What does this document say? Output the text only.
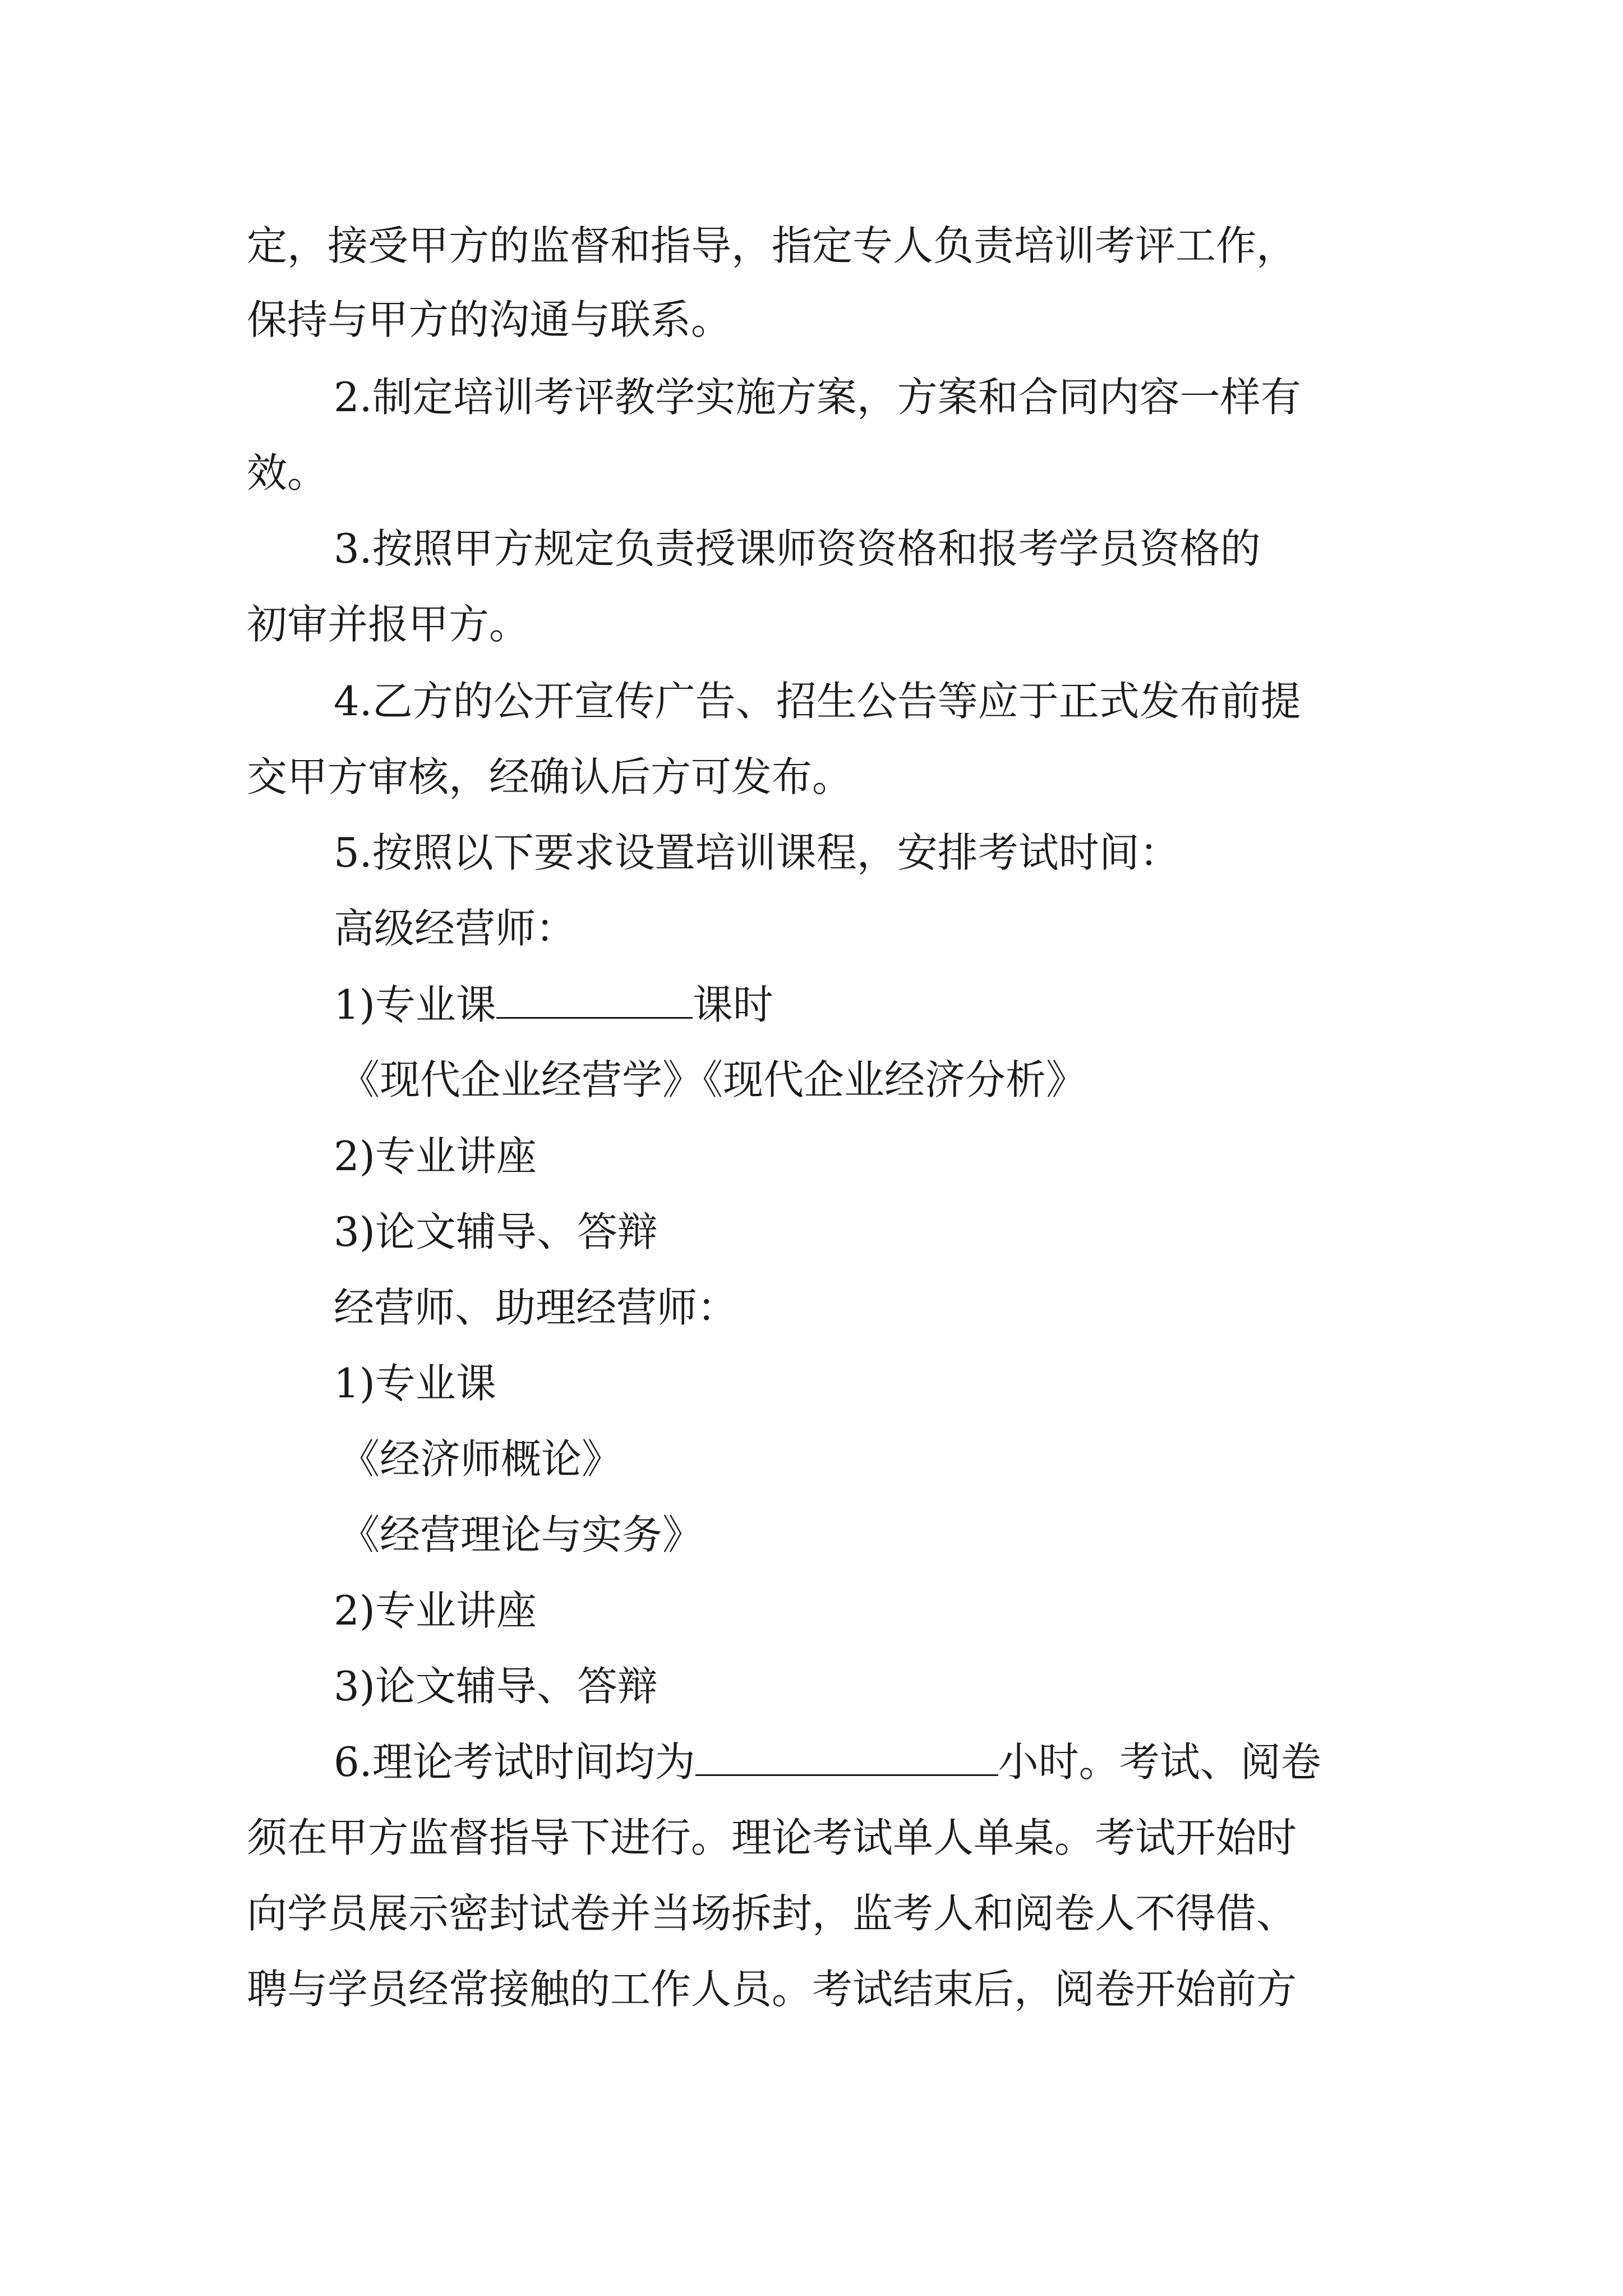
定，接受甲方的监督和指导，指定专人负责培训考评工作，
保持与甲方的沟通与联系。
2.制定培训考评教学实施方案，方案和合同内容一样有
效。
3.按照甲方规定负责授课师资资格和报考学员资格的
初审并报甲方。
4.乙方的公开宣传广告、招生公告等应于正式发布前提
交甲方审核，经确认后方可发布。
5.按照以下要求设置培训课程，安排考试时间：
高级经营师：
1)专业课	课时
《现代企业经营学》《现代企业经济分析》
2)专业讲座
3)论文辅导、答辩
经营师、助理经营师：
1)专业课
《经济师概论》
《经营理论与实务》
2)专业讲座
3)论文辅导、答辩
6.理论考试时间均为	小时。考试、阅卷
须在甲方监督指导下进行。理论考试单人单桌。考试开始时
向学员展示密封试卷并当场拆封，监考人和阅卷人不得借、
聘与学员经常接触的工作人员。考试结束后，阅卷开始前方
